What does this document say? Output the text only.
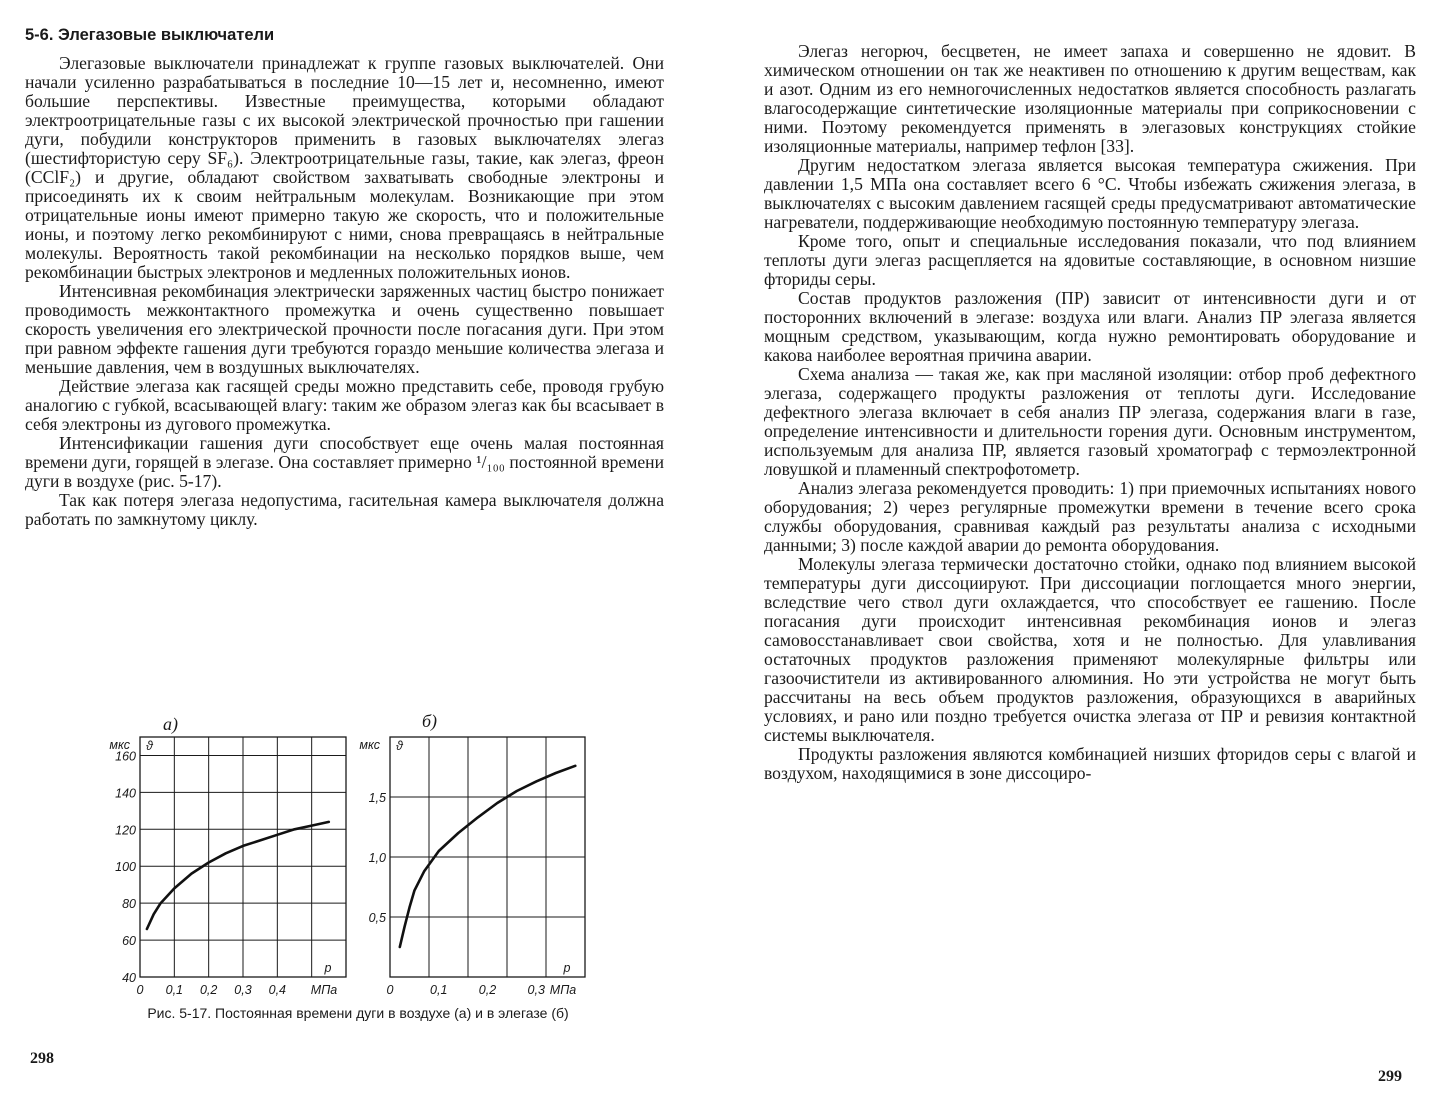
5-6. Элегазовые выключатели

Элегазовые выключатели принадлежат к группе газовых выключателей. Они начали усиленно разрабатываться в последние 10—15 лет и, несомненно, имеют большие перспективы. Известные преимущества, которыми обладают электроотрицательные газы с их высокой электрической прочностью при гашении дуги, побудили конструкторов применить в газовых выключателях элегаз (шестифтористую серу SF₆). Электроотрицательные газы, такие, как элегаз, фреон (CClF₂) и другие, обладают свойством захватывать свободные электроны и присоединять их к своим нейтральным молекулам. Возникающие при этом отрицательные ионы имеют примерно такую же скорость, что и положительные ионы, и поэтому легко рекомбинируют с ними, снова превращаясь в нейтральные молекулы. Вероятность такой рекомбинации на несколько порядков выше, чем рекомбинации быстрых электронов и медленных положительных ионов.

Интенсивная рекомбинация электрически заряженных частиц быстро понижает проводимость межконтактного промежутка и очень существенно повышает скорость увеличения его электрической прочности после погасания дуги. При этом при равном эффекте гашения дуги требуются гораздо меньшие количества элегаза и меньшие давления, чем в воздушных выключателях.

Действие элегаза как гасящей среды можно представить себе, проводя грубую аналогию с губкой, всасывающей влагу: таким же образом элегаз как бы всасывает в себя электроны из дугового промежутка.

Интенсификации гашения дуги способствует еще очень малая постоянная времени дуги, горящей в элегазе. Она составляет примерно ¹/₁₀₀ постоянной времени дуги в воздухе (рис. 5-17).

Так как потеря элегаза недопустима, гасительная камера выключателя должна работать по замкнутому циклу.

а)	б)
40
60
80
100
120
140
160
0 0,1 0,2 0,3 0,4
мкс ϑ
p
МПа
0,5
1,0
1,5
0	0,1	0,2	0,3
мкс ϑ
p
МПа
Рис. 5-17. Постоянная времени дуги в воздухе (а) и в элегазе (б)
298

Элегаз негорюч, бесцветен, не имеет запаха и совершенно не ядовит. В химическом отношении он так же неактивен по отношению к другим веществам, как и азот. Одним из его немногочисленных недостатков является способность разлагать влагосодержащие синтетические изоляционные материалы при соприкосновении с ними. Поэтому рекомендуется применять в элегазовых конструкциях стойкие изоляционные материалы, например тефлон [33].

Другим недостатком элегаза является высокая температура сжижения. При давлении 1,5 МПа она составляет всего 6 °С. Чтобы избежать сжижения элегаза, в выключателях с высоким давлением гасящей среды предусматривают автоматические нагреватели, поддерживающие необходимую постоянную температуру элегаза.

Кроме того, опыт и специальные исследования показали, что под влиянием теплоты дуги элегаз расщепляется на ядовитые составляющие, в основном низшие фториды серы.

Состав продуктов разложения (ПР) зависит от интенсивности дуги и от посторонних включений в элегазе: воздуха или влаги. Анализ ПР элегаза является мощным средством, указывающим, когда нужно ремонтировать оборудование и какова наиболее вероятная причина аварии.

Схема анализа — такая же, как при масляной изоляции: отбор проб дефектного элегаза, содержащего продукты разложения от теплоты дуги. Исследование дефектного элегаза включает в себя анализ ПР элегаза, содержания влаги в газе, определение интенсивности и длительности горения дуги. Основным инструментом, используемым для анализа ПР, является газовый хроматограф с термоэлектронной ловушкой и пламенный спектрофотометр.

Анализ элегаза рекомендуется проводить: 1) при приемочных испытаниях нового оборудования; 2) через регулярные промежутки времени в течение всего срока службы оборудования, сравнивая каждый раз результаты анализа с исходными данными; 3) после каждой аварии до ремонта оборудования.

Молекулы элегаза термически достаточно стойки, однако под влиянием высокой температуры дуги диссоциируют. При диссоциации поглощается много энергии, вследствие чего ствол дуги охлаждается, что способствует ее гашению. После погасания дуги происходит интенсивная рекомбинация ионов и элегаз самовосстанавливает свои свойства, хотя и не полностью. Для улавливания остаточных продуктов разложения применяют молекулярные фильтры или газоочистители из активированного алюминия. Но эти устройства не могут быть рассчитаны на весь объем продуктов разложения, образующихся в аварийных условиях, и рано или поздно требуется очистка элегаза от ПР и ревизия контактной системы выключателя.

Продукты разложения являются комбинацией низших фторидов серы с влагой и воздухом, находящимися в зоне диссоциро-

299
